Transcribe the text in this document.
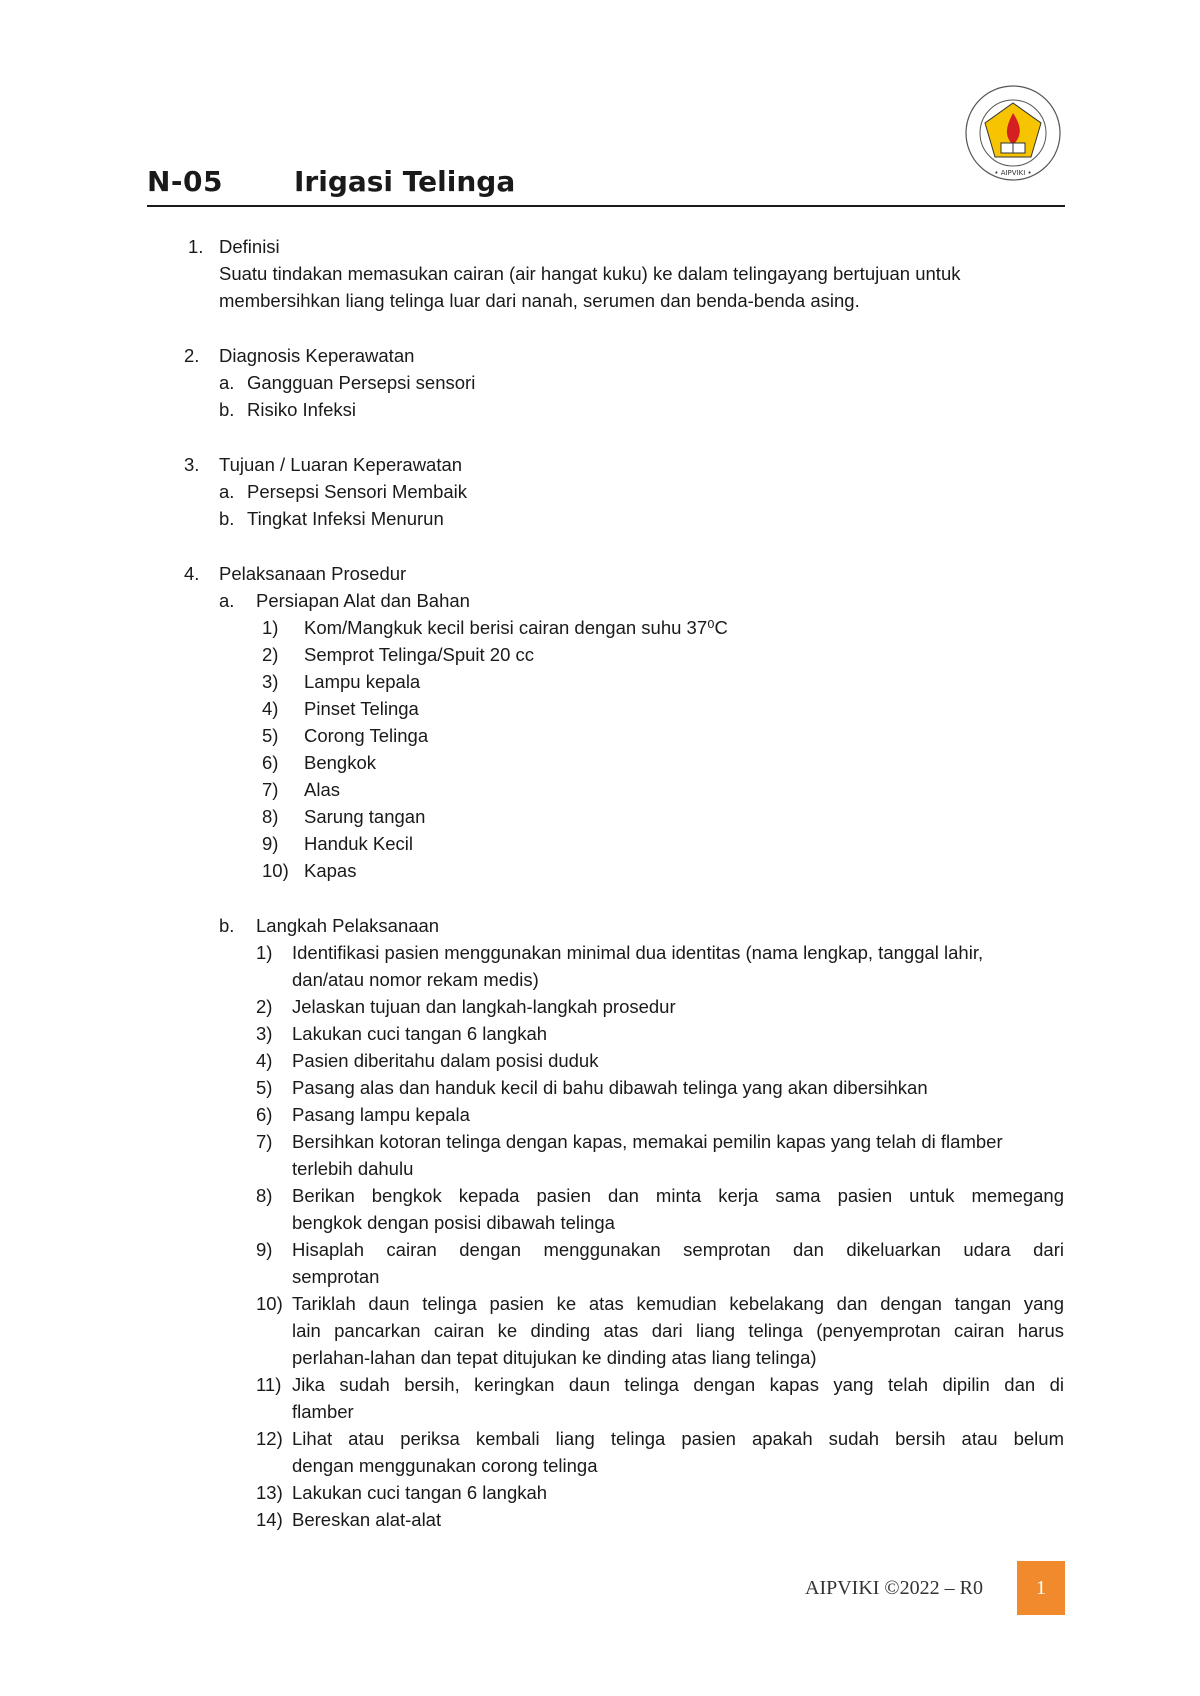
• AIPVIKI •
N-05	Irigasi Telinga
1. Definisi
Suatu tindakan memasukan cairan (air hangat kuku) ke dalam telingayang bertujuan untuk
membersihkan liang telinga luar dari nanah, serumen dan benda-benda asing.
2. Diagnosis Keperawatan
a. Gangguan Persepsi sensori
b. Risiko Infeksi
3. Tujuan / Luaran Keperawatan
a. Persepsi Sensori Membaik
b. Tingkat Infeksi Menurun
4. Pelaksanaan Prosedur
a. Persiapan Alat dan Bahan
1) Kom/Mangkuk kecil berisi cairan dengan suhu 37⁰C
2) Semprot Telinga/Spuit 20 cc
3) Lampu kepala
4) Pinset Telinga
5) Corong Telinga
6) Bengkok
7) Alas
8) Sarung tangan
9) Handuk Kecil
10) Kapas
b. Langkah Pelaksanaan
1) Identifikasi pasien menggunakan minimal dua identitas (nama lengkap, tanggal lahir,
dan/atau nomor rekam medis)
2) Jelaskan tujuan dan langkah-langkah prosedur
3) Lakukan cuci tangan 6 langkah
4) Pasien diberitahu dalam posisi duduk
5) Pasang alas dan handuk kecil di bahu dibawah telinga yang akan dibersihkan
6) Pasang lampu kepala
7) Bersihkan kotoran telinga dengan kapas, memakai pemilin kapas yang telah di flamber
terlebih dahulu
8) Berikan bengkok kepada pasien dan minta kerja sama pasien untuk memegang
bengkok dengan posisi dibawah telinga
9) Hisaplah cairan dengan menggunakan semprotan dan dikeluarkan udara dari
semprotan
10) Tariklah daun telinga pasien ke atas kemudian kebelakang dan dengan tangan yang
lain pancarkan cairan ke dinding atas dari liang telinga (penyemprotan cairan harus
perlahan-lahan dan tepat ditujukan ke dinding atas liang telinga)
11) Jika sudah bersih, keringkan daun telinga dengan kapas yang telah dipilin dan di
flamber
12) Lihat atau periksa kembali liang telinga pasien apakah sudah bersih atau belum
dengan menggunakan corong telinga
13) Lakukan cuci tangan 6 langkah
14) Bereskan alat-alat
AIPVIKI ©2022 – R0	1
